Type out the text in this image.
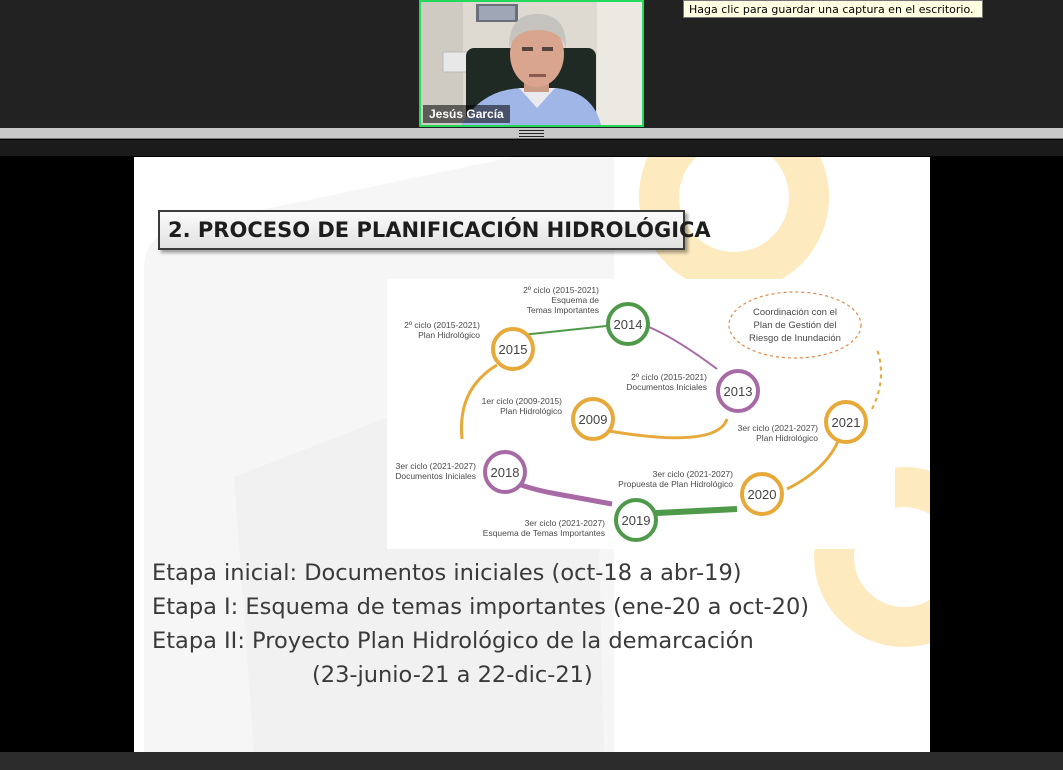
Jesús García
Haga clic para guardar una captura en el escritorio.
2. PROCESO DE PLANIFICACIÓN HIDROLÓGICA
Coordinación con el
Plan de Gestión del
Riesgo de Inundación
2014
2º ciclo (2015-2021)
Esquema de
Temas Importantes
2015
2º ciclo (2015-2021)
Plan Hidrológico
2013
2º ciclo (2015-2021)
Documentos Iniciales
2009
1er ciclo (2009-2015)
Plan Hidrológico
2021
3er ciclo (2021-2027)
Plan Hidrológico
2018
3er ciclo (2021-2027)
Documentos Iniciales
2020
3er ciclo (2021-2027)
Propuesta de Plan Hidrológico
2019
3er ciclo (2021-2027)
Esquema de Temas Importantes
Etapa inicial: Documentos iniciales (oct-18 a abr-19)
Etapa I: Esquema de temas importantes (ene-20 a oct-20)
Etapa II: Proyecto Plan Hidrológico de la demarcación
(23-junio-21 a 22-dic-21)
